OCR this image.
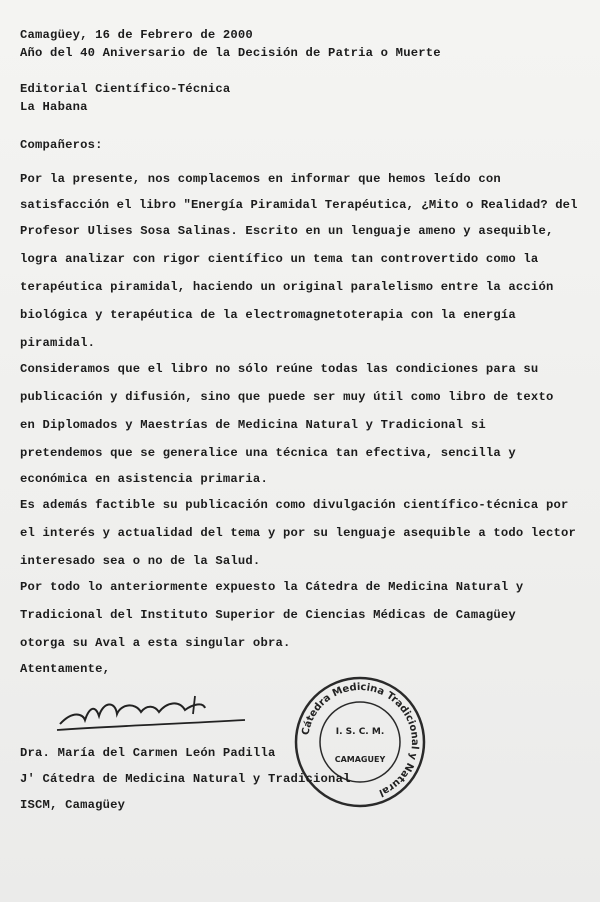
Camagüey, 16 de Febrero de 2000
Año del 40 Aniversario de la Decisión de Patria o Muerte
Editorial Científico-Técnica
La Habana
Compañeros:
Por la presente, nos complacemos en informar que hemos leído con
satisfacción el libro "Energía Piramidal Terapéutica, ¿Mito o Realidad? del
Profesor Ulises Sosa Salinas. Escrito en un lenguaje ameno y asequible,
logra analizar con rigor científico un tema tan controvertido como la
terapéutica piramidal, haciendo un original paralelismo entre la acción
biológica y terapéutica de la electromagnetoterapia con la energía
piramidal.
Consideramos que el libro no sólo reúne todas las condiciones para su
publicación y difusión, sino que puede ser muy útil como libro de texto
en Diplomados y Maestrías de Medicina Natural y Tradicional si
pretendemos que se generalice una técnica tan efectiva, sencilla y
económica en asistencia primaria.
Es además factible su publicación como divulgación científico-técnica por
el interés y actualidad del tema y por su lenguaje asequible a todo lector
interesado sea o no de la Salud.
Por todo lo anteriormente expuesto la Cátedra de Medicina Natural y
Tradicional del Instituto Superior de Ciencias Médicas de Camagüey
otorga su Aval a esta singular obra.
Atentamente,
Cátedra Medicina Tradicional y Natural
I. S. C. M.
CAMAGUEY
Dra. María del Carmen León Padilla
J' Cátedra de Medicina Natural y Tradicional
ISCM, Camagüey
